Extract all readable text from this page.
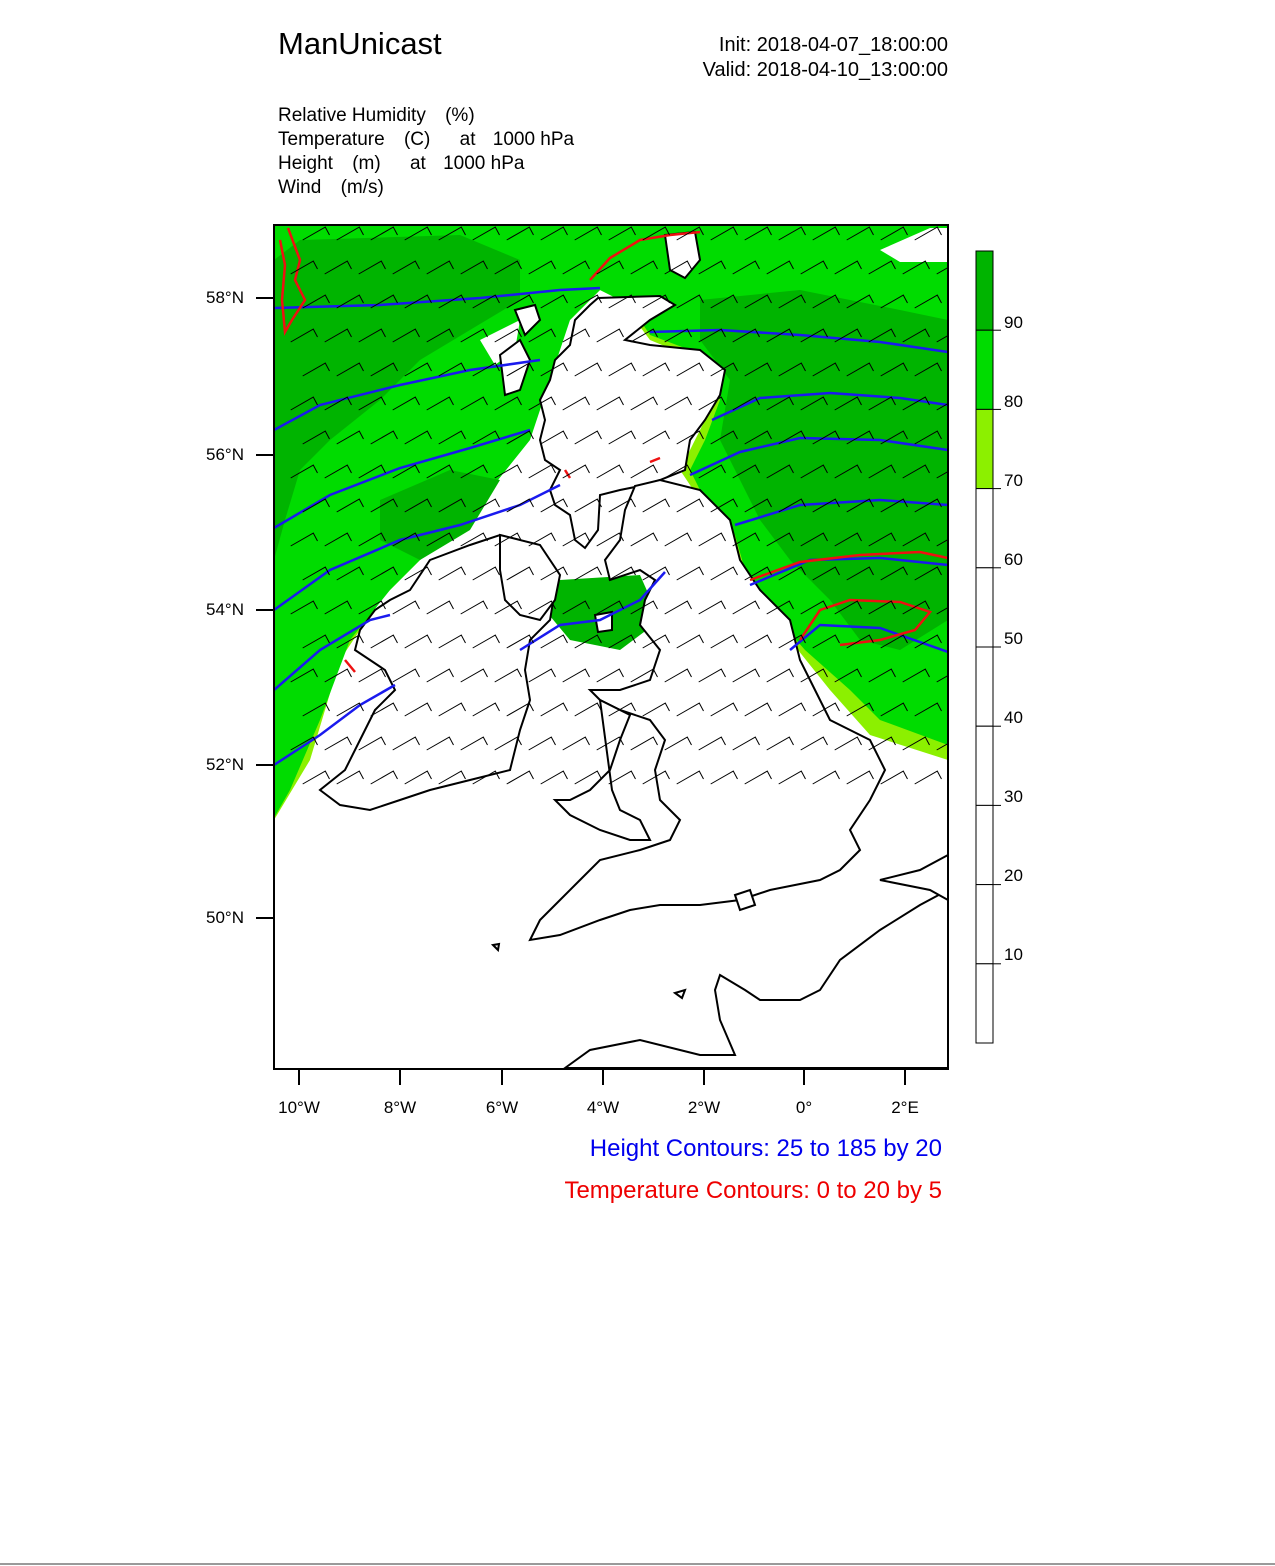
ManUnicast	Init: 2018-04-07_18:00:00
Valid: 2018-04-10_13:00:00
Relative Humidity (%)
Temperature (C) at 1000 hPa
Height (m) at 1000 hPa
Wind (m/s)
58°N
56°N
54°N
52°N
50°N
10°W	8°W	6°W	4°W	2°W	0°	2°E
90
80
70
60
50
40
30
20
10
Height Contours: 25 to 185 by 20
Temperature Contours: 0 to 20 by 5
